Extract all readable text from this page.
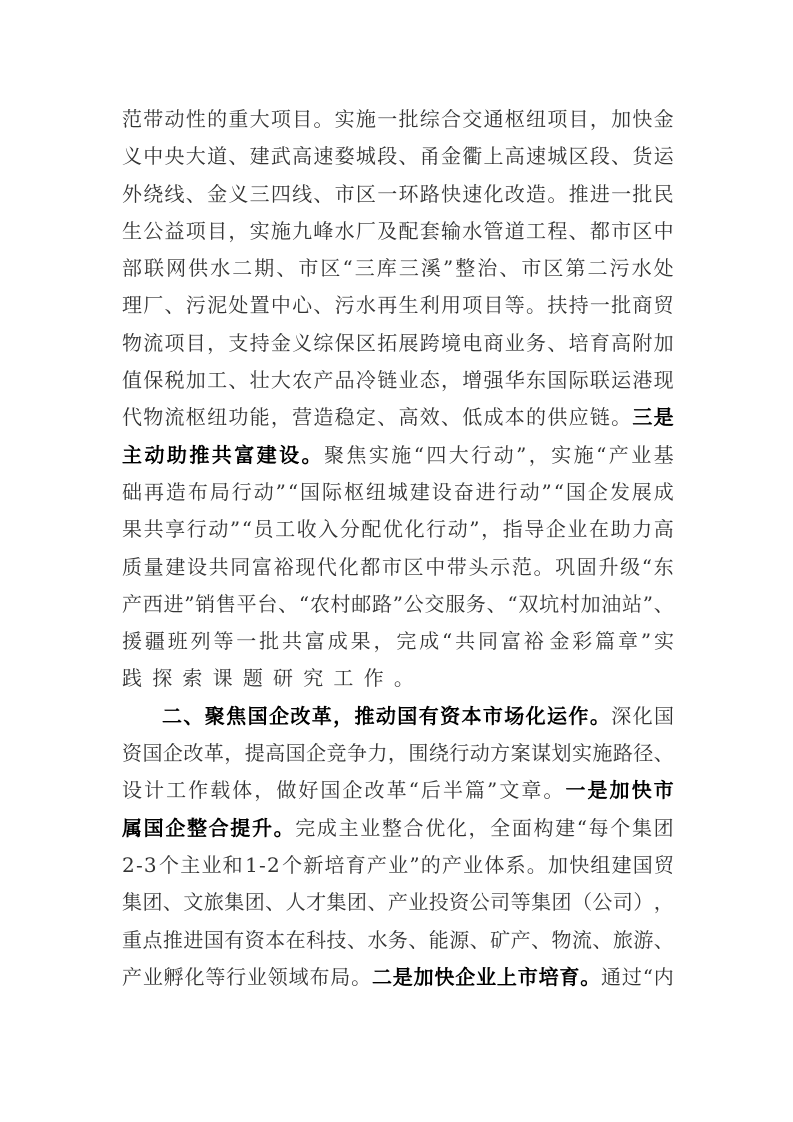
范 带 动 性 的 重 大 项 目 。 实 施 一 批 综 合 交 通 枢 纽 项 目 ， 加 快 金
义 中 央 大 道 、 建 武 高 速 婺 城 段 、 甬 金 衢 上 高 速 城 区 段 、 货 运
外 绕 线 、 金 义 三 四 线 、 市 区 一 环 路 快 速 化 改 造 。 推 进 一 批 民
生 公 益 项 目 ， 实 施 九 峰 水 厂 及 配 套 输 水 管 道 工 程 、 都 市 区 中
部 联 网 供 水 二 期 、 市 区 “ 三 库 三 溪 ” 整 治 、 市 区 第 二 污 水 处
理 厂 、 污 泥 处 置 中 心 、 污 水 再 生 利 用 项 目 等 。 扶 持 一 批 商 贸
物 流 项 目 ， 支 持 金 义 综 保 区 拓 展 跨 境 电 商 业 务 、 培 育 高 附 加
值 保 税 加 工 、 壮 大 农 产 品 冷 链 业 态 ， 增 强 华 东 国 际 联 运 港 现
代 物 流 枢 纽 功 能 ， 营 造 稳 定 、 高 效 、 低 成 本 的 供 应 链 。 三 是
主 动 助 推 共 富 建 设 。 聚 焦 实 施 “ 四 大 行 动 ” ， 实 施 “ 产 业 基
础 再 造 布 局 行 动 ” “ 国 际 枢 纽 城 建 设 奋 进 行 动 ” “ 国 企 发 展 成
果 共 享 行 动 ” “ 员 工 收 入 分 配 优 化 行 动 ” ， 指 导 企 业 在 助 力 高
质 量 建 设 共 同 富 裕 现 代 化 都 市 区 中 带 头 示 范 。 巩 固 升 级 “ 东
产 西 进 ” 销 售 平 台 、 “ 农 村 邮 路 ” 公 交 服 务 、 “ 双 坑 村 加 油 站 ” 、
援 疆 班 列 等 一 批 共 富 成 果 ， 完 成 “ 共 同 富 裕 金 彩 篇 章 ” 实
践 探 索 课 题 研 究 工 作 。
二 、 聚 焦 国 企 改 革 ， 推 动 国 有 资 本 市 场 化 运 作 。 深 化 国
资 国 企 改 革 ， 提 高 国 企 竞 争 力 ， 围 绕 行 动 方 案 谋 划 实 施 路 径 、
设 计 工 作 载 体 ， 做 好 国 企 改 革 “ 后 半 篇 ” 文 章 。 一 是 加 快 市
属 国 企 整 合 提 升 。 完 成 主 业 整 合 优 化 ， 全 面 构 建 “ 每 个 集 团
2 - 3 个 主 业 和 1 - 2 个 新 培 育 产 业 ” 的 产 业 体 系 。 加 快 组 建 国 贸
集 团 、 文 旅 集 团 、 人 才 集 团 、 产 业 投 资 公 司 等 集 团 （ 公 司 ） ，
重 点 推 进 国 有 资 本 在 科 技 、 水 务 、 能 源 、 矿 产 、 物 流 、 旅 游 、
产 业 孵 化 等 行 业 领 域 布 局 。 二 是 加 快 企 业 上 市 培 育 。 通 过 “ 内
